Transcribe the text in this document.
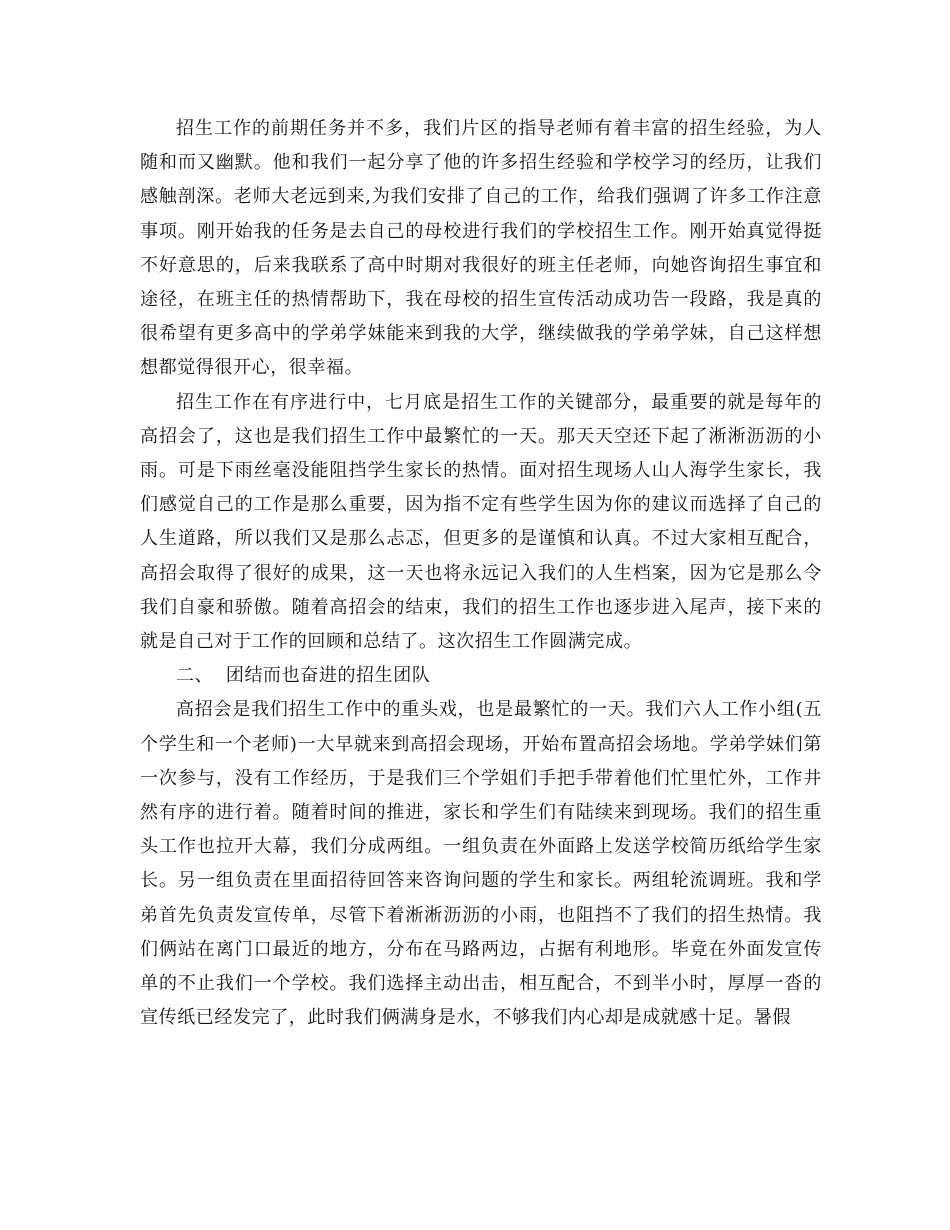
招生工作的前期任务并不多，我们片区的指导老师有着丰富的招生经验，为人随和而又幽默。他和我们一起分享了他的许多招生经验和学校学习的经历，让我们感触剖深。老师大老远到来,为我们安排了自己的工作，给我们强调了许多工作注意事项。刚开始我的任务是去自己的母校进行我们的学校招生工作。刚开始真觉得挺不好意思的，后来我联系了高中时期对我很好的班主任老师，向她咨询招生事宜和途径，在班主任的热情帮助下，我在母校的招生宣传活动成功告一段路，我是真的很希望有更多高中的学弟学妹能来到我的大学，继续做我的学弟学妹，自己这样想想都觉得很开心，很幸福。

招生工作在有序进行中，七月底是招生工作的关键部分，最重要的就是每年的高招会了，这也是我们招生工作中最繁忙的一天。那天天空还下起了淅淅沥沥的小雨。可是下雨丝毫没能阻挡学生家长的热情。面对招生现场人山人海学生家长，我们感觉自己的工作是那么重要，因为指不定有些学生因为你的建议而选择了自己的人生道路，所以我们又是那么忐忑，但更多的是谨慎和认真。不过大家相互配合，高招会取得了很好的成果，这一天也将永远记入我们的人生档案，因为它是那么令我们自豪和骄傲。随着高招会的结束，我们的招生工作也逐步进入尾声，接下来的就是自己对于工作的回顾和总结了。这次招生工作圆满完成。

二、  团结而也奋进的招生团队

高招会是我们招生工作中的重头戏，也是最繁忙的一天。我们六人工作小组(五个学生和一个老师)一大早就来到高招会现场，开始布置高招会场地。学弟学妹们第一次参与，没有工作经历，于是我们三个学姐们手把手带着他们忙里忙外，工作井然有序的进行着。随着时间的推进，家长和学生们有陆续来到现场。我们的招生重头工作也拉开大幕，我们分成两组。一组负责在外面路上发送学校简历纸给学生家长。另一组负责在里面招待回答来咨询问题的学生和家长。两组轮流调班。我和学弟首先负责发宣传单，尽管下着淅淅沥沥的小雨，也阻挡不了我们的招生热情。我们俩站在离门口最近的地方，分布在马路两边，占据有利地形。毕竟在外面发宣传单的不止我们一个学校。我们选择主动出击，相互配合，不到半小时，厚厚一沓的宣传纸已经发完了，此时我们俩满身是水，不够我们内心却是成就感十足。暑假
